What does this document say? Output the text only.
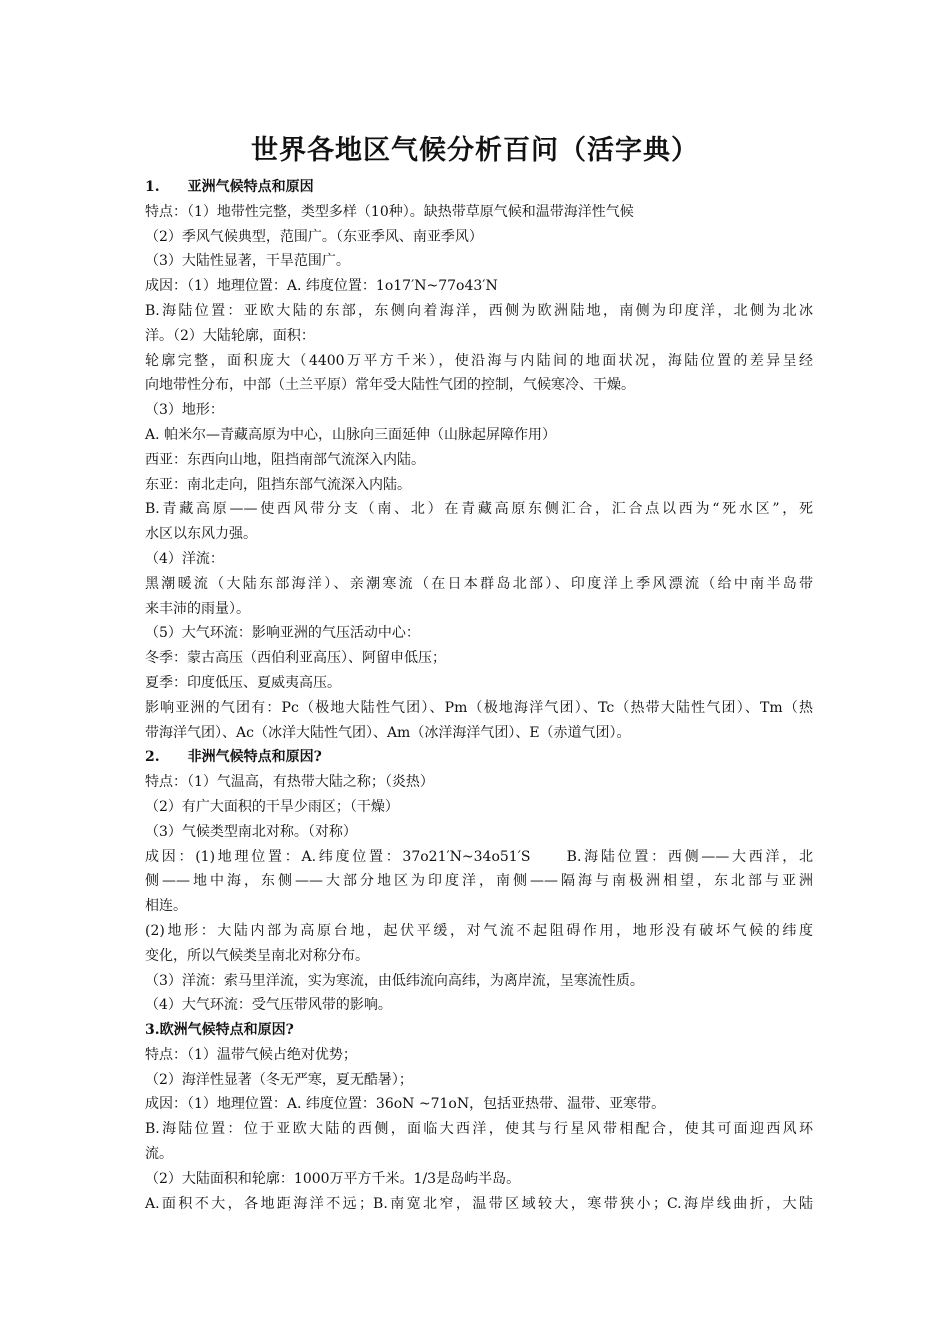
世界各地区气候分析百问（活字典）

1.　　亚洲气候特点和原因

特点：（1）地带性完整，类型多样（10种）。缺热带草原气候和温带海洋性气候

（2）季风气候典型，范围广。（东亚季风、南亚季风）

（3）大陆性显著，干旱范围广。

成因：（1）地理位置：A. 纬度位置：1o17′N~77o43′N

B.海陆位置：亚欧大陆的东部，东侧向着海洋，西侧为欧洲陆地，南侧为印度洋，北侧为北冰

洋。（2）大陆轮廓，面积：

轮廓完整，面积庞大（4400万平方千米），使沿海与内陆间的地面状况，海陆位置的差异呈经

向地带性分布，中部（土兰平原）常年受大陆性气团的控制，气候寒冷、干燥。

（3）地形：

A. 帕米尔—青藏高原为中心，山脉向三面延伸（山脉起屏障作用）

西亚：东西向山地，阻挡南部气流深入内陆。

东亚：南北走向，阻挡东部气流深入内陆。

B.青藏高原——使西风带分支（南、北）在青藏高原东侧汇合，汇合点以西为“死水区”，死

水区以东风力强。

（4）洋流：

黑潮暖流（大陆东部海洋）、亲潮寒流（在日本群岛北部）、印度洋上季风漂流（给中南半岛带

来丰沛的雨量）。

（5）大气环流：影响亚洲的气压活动中心：

冬季：蒙古高压（西伯利亚高压）、阿留申低压；

夏季：印度低压、夏威夷高压。

影响亚洲的气团有：Pc（极地大陆性气团）、Pm（极地海洋气团）、Tc（热带大陆性气团）、Tm（热

带海洋气团）、Ac（冰洋大陆性气团）、Am（冰洋海洋气团）、E（赤道气团）。

2.　　非洲气候特点和原因?

特点：（1）气温高，有热带大陆之称；（炎热）

（2）有广大面积的干旱少雨区；（干燥）

（3）气候类型南北对称。（对称）

成因：(1)地理位置：A.纬度位置：37o21′N~34o51′S　　B.海陆位置：西侧——大西洋，北

侧——地中海，东侧——大部分地区为印度洋，南侧——隔海与南极洲相望，东北部与亚洲

相连。

(2)地形：大陆内部为高原台地，起伏平缓，对气流不起阻碍作用，地形没有破坏气候的纬度

变化，所以气候类呈南北对称分布。

（3）洋流：索马里洋流，实为寒流，由低纬流向高纬，为离岸流，呈寒流性质。

（4）大气环流：受气压带风带的影响。

3.欧洲气候特点和原因?

特点：（1）温带气候占绝对优势；

（2）海洋性显著（冬无严寒，夏无酷暑）；

成因：（1）地理位置：A. 纬度位置：36oN ~71oN，包括亚热带、温带、亚寒带。

B.海陆位置：位于亚欧大陆的西侧，面临大西洋，使其与行星风带相配合，使其可面迎西风环

流。

（2）大陆面积和轮廓：1000万平方千米。1/3是岛屿半岛。

A.面积不大，各地距海洋不远；B.南宽北窄，温带区域较大，寒带狭小；C.海岸线曲折，大陆
